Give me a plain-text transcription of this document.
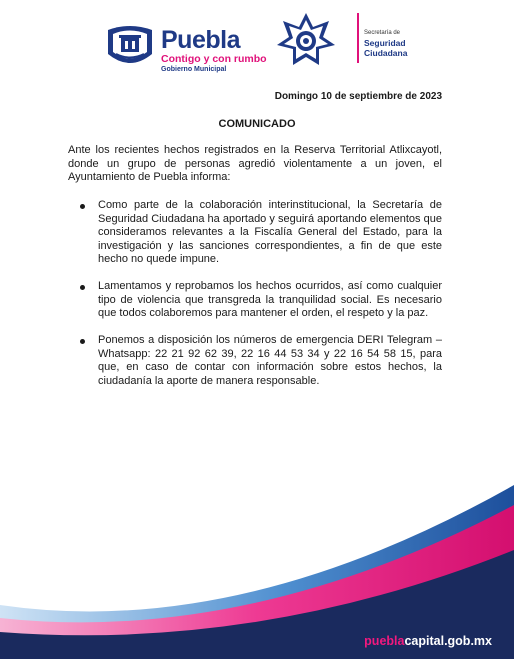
Puebla
Contigo y con rumbo
Gobierno Municipal
Secretaría de
Seguridad
Ciudadana
Domingo 10 de septiembre de 2023
COMUNICADO

Ante los recientes hechos registrados en la Reserva Territorial Atlixcayotl, donde un grupo de personas agredió violentamente a un joven, el Ayuntamiento de Puebla informa:

Como parte de la colaboración interinstitucional, la Secretaría de Seguridad Ciudadana ha aportado y seguirá aportando elementos que consideramos relevantes a la Fiscalía General del Estado, para la investigación y las sanciones correspondientes, a fin de que este hecho no quede impune.
Lamentamos y reprobamos los hechos ocurridos, así como cualquier tipo de violencia que transgreda la tranquilidad social. Es necesario que todos colaboremos para mantener el orden, el respeto y la paz.
Ponemos a disposición los números de emergencia DERI Telegram – Whatsapp: 22 21 92 62 39, 22 16 44 53 34 y 22 16 54 58 15, para que, en caso de contar con información sobre estos hechos, la ciudadanía la aporte de manera responsable.
pueblacapital.gob.mx
